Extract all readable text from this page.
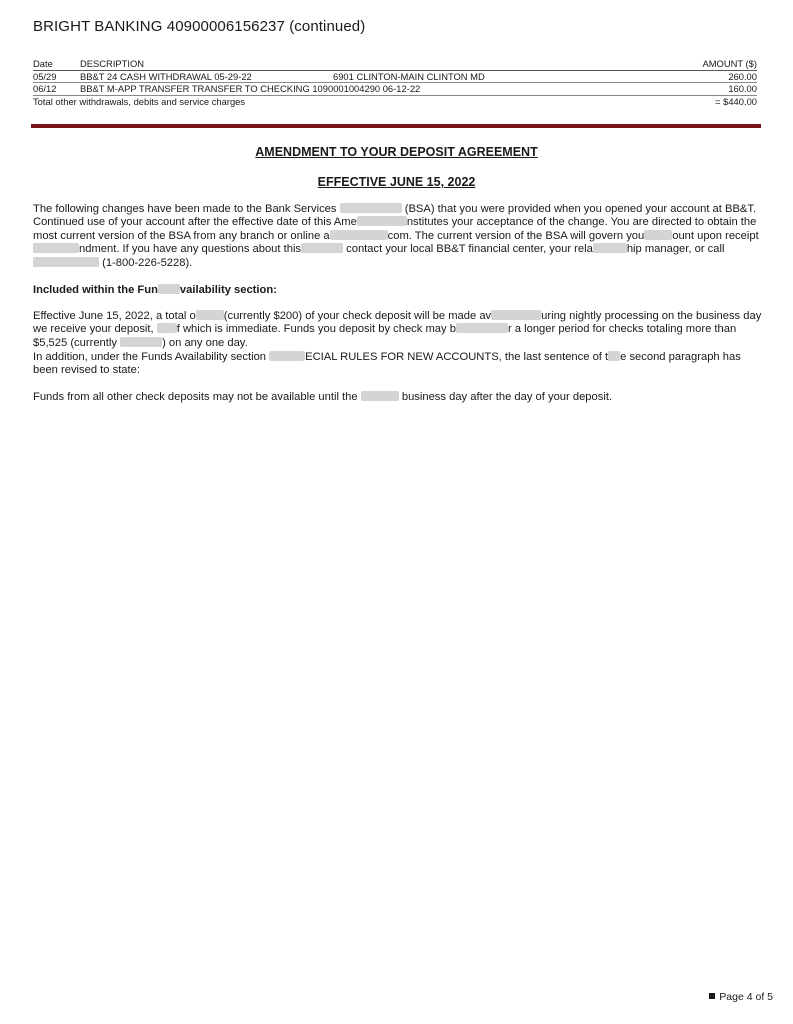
BRIGHT BANKING 40900006156237 (continued)
Date	DESCRIPTION	AMOUNT ($)
05/29	BB&T 24 CASH WITHDRAWAL 05-29-22	6901 CLINTON-MAIN CLINTON MD	260.00
06/12	BB&T M-APP TRANSFER TRANSFER TO CHECKING 1090001004290 06-12-22	160.00
Total other withdrawals, debits and service charges	= $440.00
AMENDMENT TO YOUR DEPOSIT AGREEMENT
EFFECTIVE JUNE 15, 2022

The following changes have been made to the Bank Services	(BSA) that you were provided when you opened your account at BB&T. Continued use of your account after the effective date of this Ame	nstitutes your acceptance of the change. You are directed to obtain the most current version of the BSA from any branch or online a	com. The current version of the BSA will govern you	ount upon receiptndment. If you have any questions about this	contact your local BB&T financial center, your rela	hip manager, or call  (1-800-226-5228).

Included within the Fun vailability section:

Effective June 15, 2022, a total o	(currently $200) of your check deposit will be made av	uring nightly processing on the business day we receive your deposit, f which is immediate. Funds you deposit by check may b	r a longer period for checks totaling more than $5,525 (currently	) on any one day.

In addition, under the Funds Availability section	ECIAL RULES FOR NEW ACCOUNTS, the last sentence of t e second paragraph has been revised to state:

Funds from all other check deposits may not be available until the	business day after the day of your deposit.

Page 4 of 5
